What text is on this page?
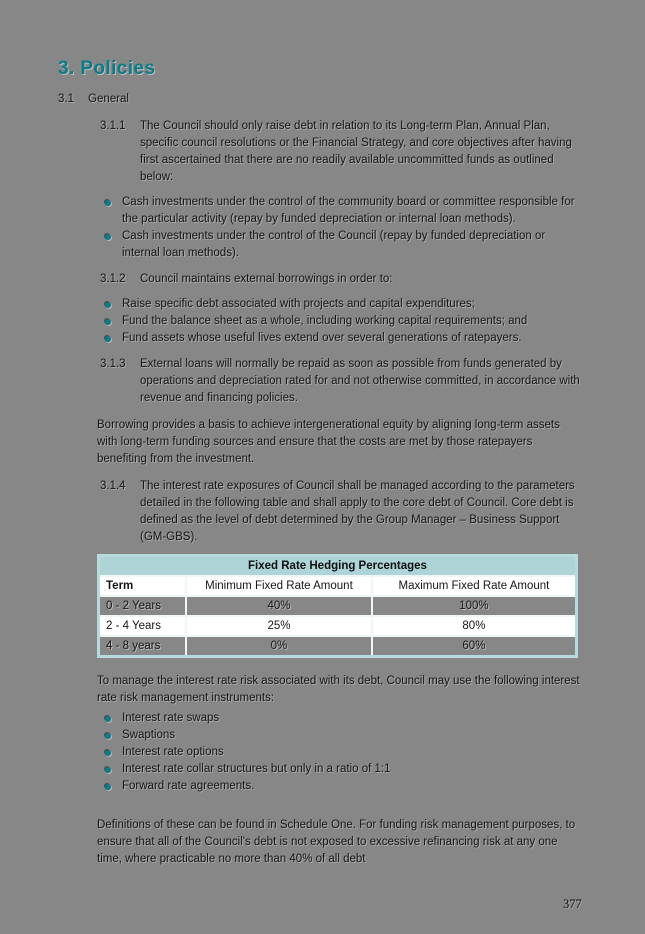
3. Policies
3.1	General
3.1.1	The Council should only raise debt in relation to its Long-term Plan, Annual Plan, specific council resolutions or the Financial Strategy, and core objectives after having first ascertained that there are no readily available uncommitted funds as outlined below:
Cash investments under the control of the community board or committee responsible for the particular activity (repay by funded depreciation or internal loan methods).
Cash investments under the control of the Council (repay by funded depreciation or internal loan methods).
3.1.2	Council maintains external borrowings in order to:
Raise specific debt associated with projects and capital expenditures;
Fund the balance sheet as a whole, including working capital requirements; and
Fund assets whose useful lives extend over several generations of ratepayers.
3.1.3	External loans will normally be repaid as soon as possible from funds generated by operations and depreciation rated for and not otherwise committed, in accordance with revenue and financing policies.
Borrowing provides a basis to achieve intergenerational equity by aligning long-term assets with long-term funding sources and ensure that the costs are met by those ratepayers benefiting from the investment.
3.1.4	The interest rate exposures of Council shall be managed according to the parameters detailed in the following table and shall apply to the core debt of Council. Core debt is defined as the level of debt determined by the Group Manager – Business Support (GM-GBS).
Fixed Rate Hedging Percentages		
Term	Minimum Fixed Rate Amount	Maximum Fixed Rate Amount
0 - 2 Years	40%	100%
2 - 4 Years	25%	80%
4 - 8 years	0%	60%
To manage the interest rate risk associated with its debt, Council may use the following interest rate risk management instruments:
Interest rate swaps
Swaptions
Interest rate options
Interest rate collar structures but only in a ratio of 1:1
Forward rate agreements.
Definitions of these can be found in Schedule One. For funding risk management purposes, to ensure that all of the Council's debt is not exposed to excessive refinancing risk at any one time, where practicable no more than 40% of all debt
377
